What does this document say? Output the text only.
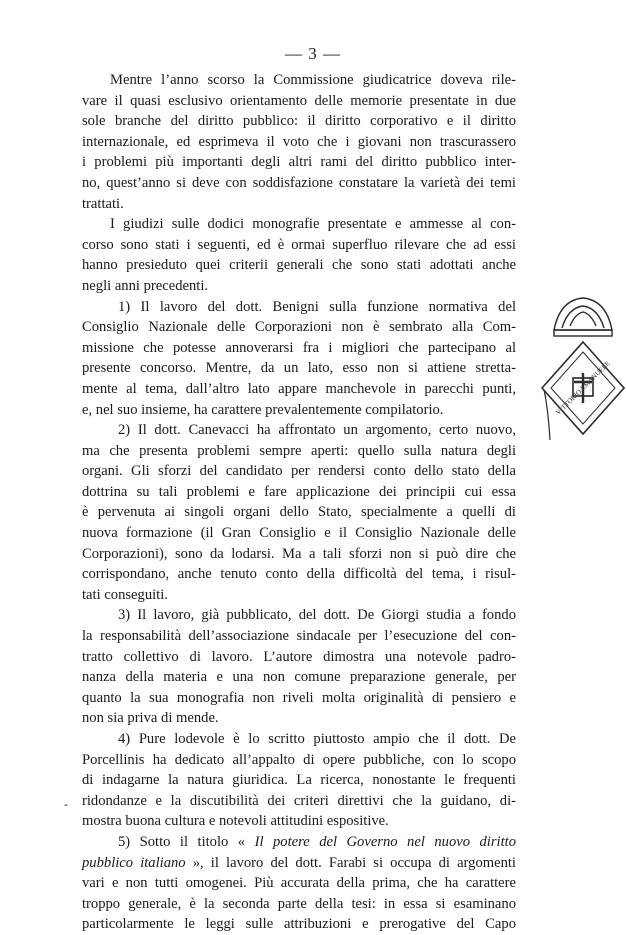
— 3 —
Mentre l’anno scorso la Commissione giudicatrice doveva rile-
vare il quasi esclusivo orientamento delle memorie presentate in due
sole branche del diritto pubblico: il diritto corporativo e il diritto
internazionale, ed esprimeva il voto che i giovani non trascurassero
i problemi più importanti degli altri rami del diritto pubblico inter-
no, quest’anno si deve con soddisfazione constatare la varietà dei temi
trattati.
I giudizi sulle dodici monografie presentate e ammesse al con-
corso sono stati i seguenti, ed è ormai superfluo rilevare che ad essi
hanno presieduto quei criterii generali che sono stati adottati anche
negli anni precedenti.
1) Il lavoro del dott. Benigni sulla funzione normativa del
Consiglio Nazionale delle Corporazioni non è sembrato alla Com-
missione che potesse annoverarsi fra i migliori che partecipano al
presente concorso. Mentre, da un lato, esso non si attiene stretta-
mente al tema, dall’altro lato appare manchevole in parecchi punti,
e, nel suo insieme, ha carattere prevalentemente compilatorio.
2) Il dott. Canevacci ha affrontato un argomento, certo nuovo,
ma che presenta problemi sempre aperti: quello sulla natura degli
organi. Gli sforzi del candidato per rendersi conto dello stato della
dottrina su tali problemi e fare applicazione dei principii cui essa
è pervenuta ai singoli organi dello Stato, specialmente a quelli di
nuova formazione (il Gran Consiglio e il Consiglio Nazionale delle
Corporazioni), sono da lodarsi. Ma a tali sforzi non si può dire che
corrispondano, anche tenuto conto della difficoltà del tema, i risul-
tati conseguiti.
3) Il lavoro, già pubblicato, del dott. De Giorgi studia a fondo
la responsabilità dell’associazione sindacale per l’esecuzione del con-
tratto collettivo di lavoro. L’autore dimostra una notevole padro-
nanza della materia e una non comune preparazione generale, per
quanto la sua monografia non riveli molta originalità di pensiero e
non sia priva di mende.
4) Pure lodevole è lo scritto piuttosto ampio che il dott. De
Porcellinis ha dedicato all’appalto di opere pubbliche, con lo scopo
di indagarne la natura giuridica. La ricerca, nonostante le frequenti
ridondanze e la discutibilità dei criteri direttivi che la guidano, di-
mostra buona cultura e notevoli attitudini espositive.
5) Sotto il titolo « Il potere del Governo nel nuovo diritto
pubblico italiano », il lavoro del dott. Farabi si occupa di argomenti
vari e non tutti omogenei. Più accurata della prima, che ha carattere
troppo generale, è la seconda parte della tesi: in essa si esaminano
particolarmente le leggi sulle attribuzioni e prerogative del Capo
-
VITTORIO EMANUELE
